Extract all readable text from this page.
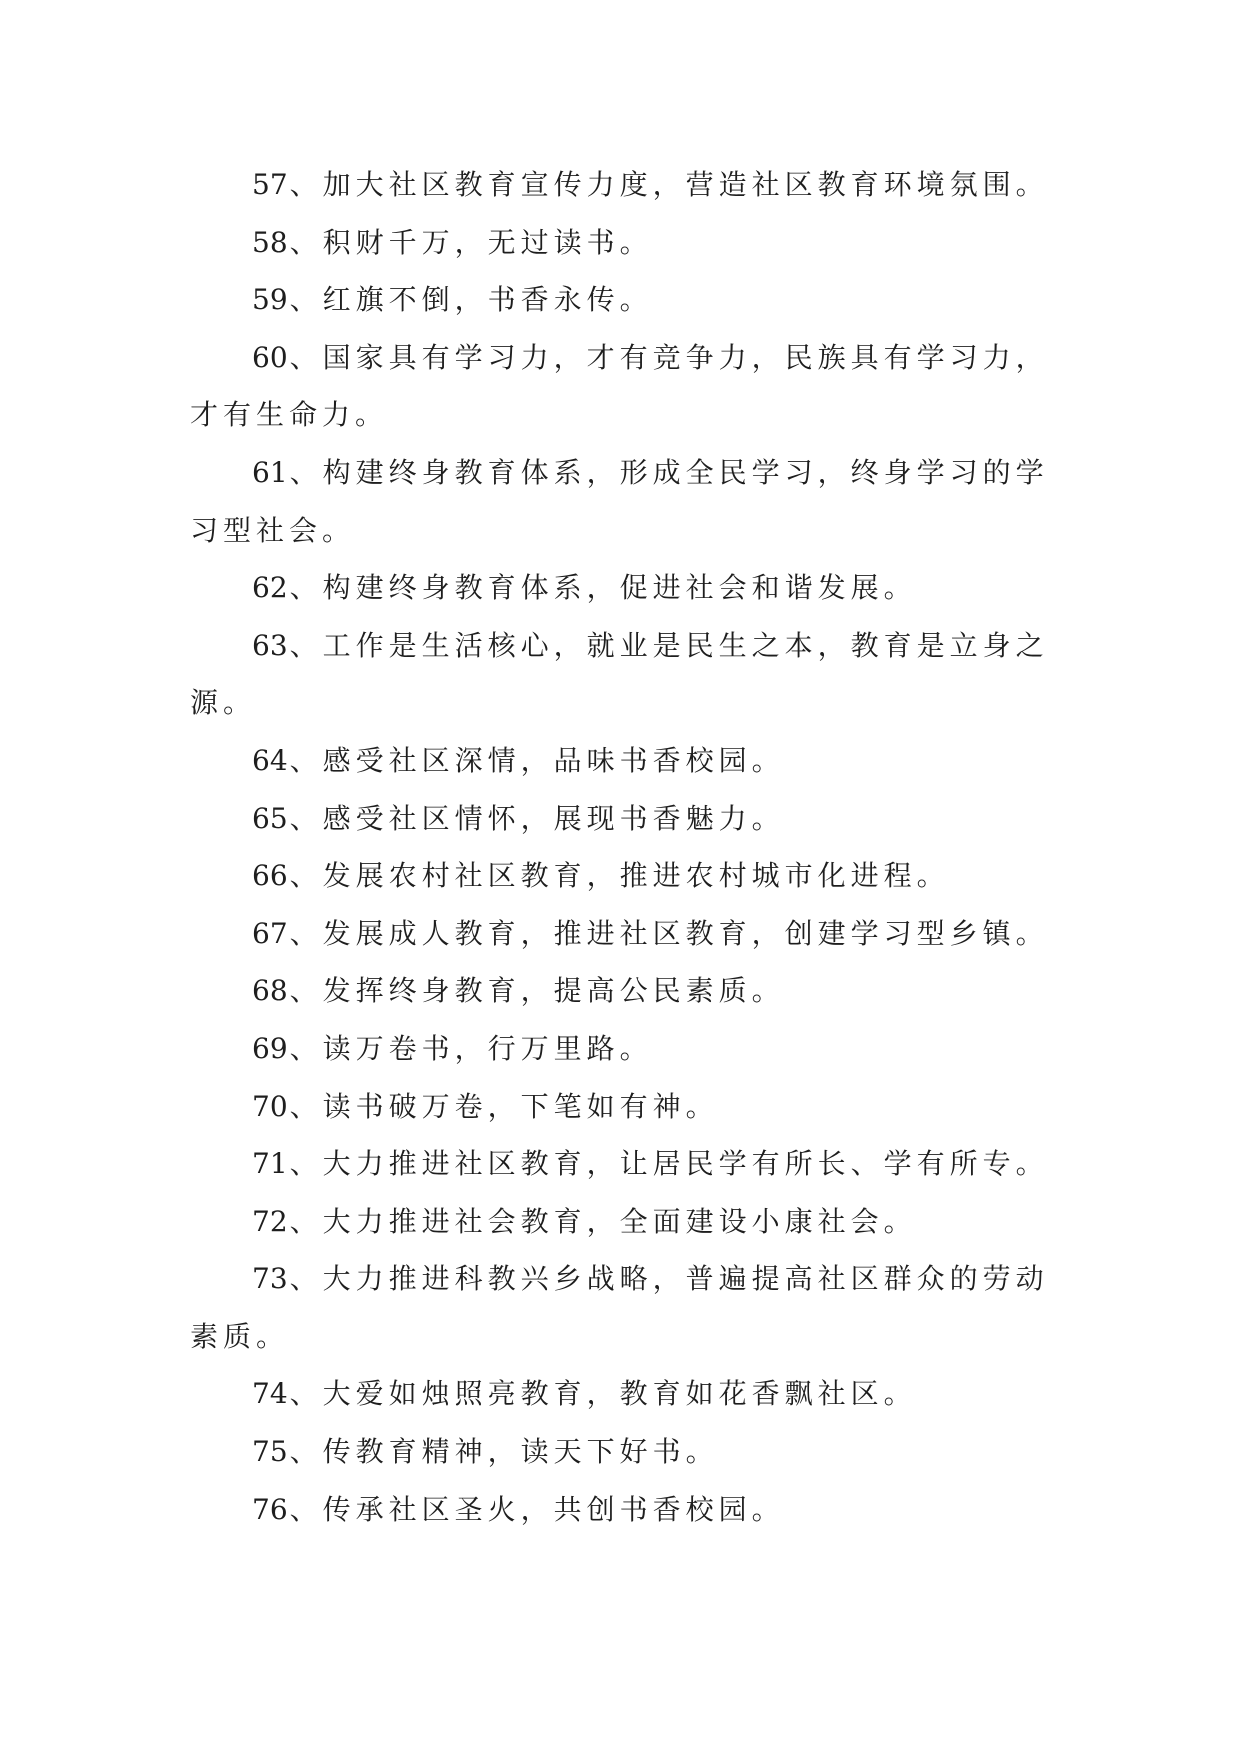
57、加大社区教育宣传力度，营造社区教育环境氛围。

58、积财千万，无过读书。

59、红旗不倒，书香永传。

60、国家具有学习力，才有竞争力，民族具有学习力，才有生命力。

61、构建终身教育体系，形成全民学习，终身学习的学习型社会。

62、构建终身教育体系，促进社会和谐发展。

63、工作是生活核心，就业是民生之本，教育是立身之源。

64、感受社区深情，品味书香校园。

65、感受社区情怀，展现书香魅力。

66、发展农村社区教育，推进农村城市化进程。

67、发展成人教育，推进社区教育，创建学习型乡镇。

68、发挥终身教育，提高公民素质。

69、读万卷书，行万里路。

70、读书破万卷，下笔如有神。

71、大力推进社区教育，让居民学有所长、学有所专。

72、大力推进社会教育，全面建设小康社会。

73、大力推进科教兴乡战略，普遍提高社区群众的劳动素质。

74、大爱如烛照亮教育，教育如花香飘社区。

75、传教育精神，读天下好书。

76、传承社区圣火，共创书香校园。
